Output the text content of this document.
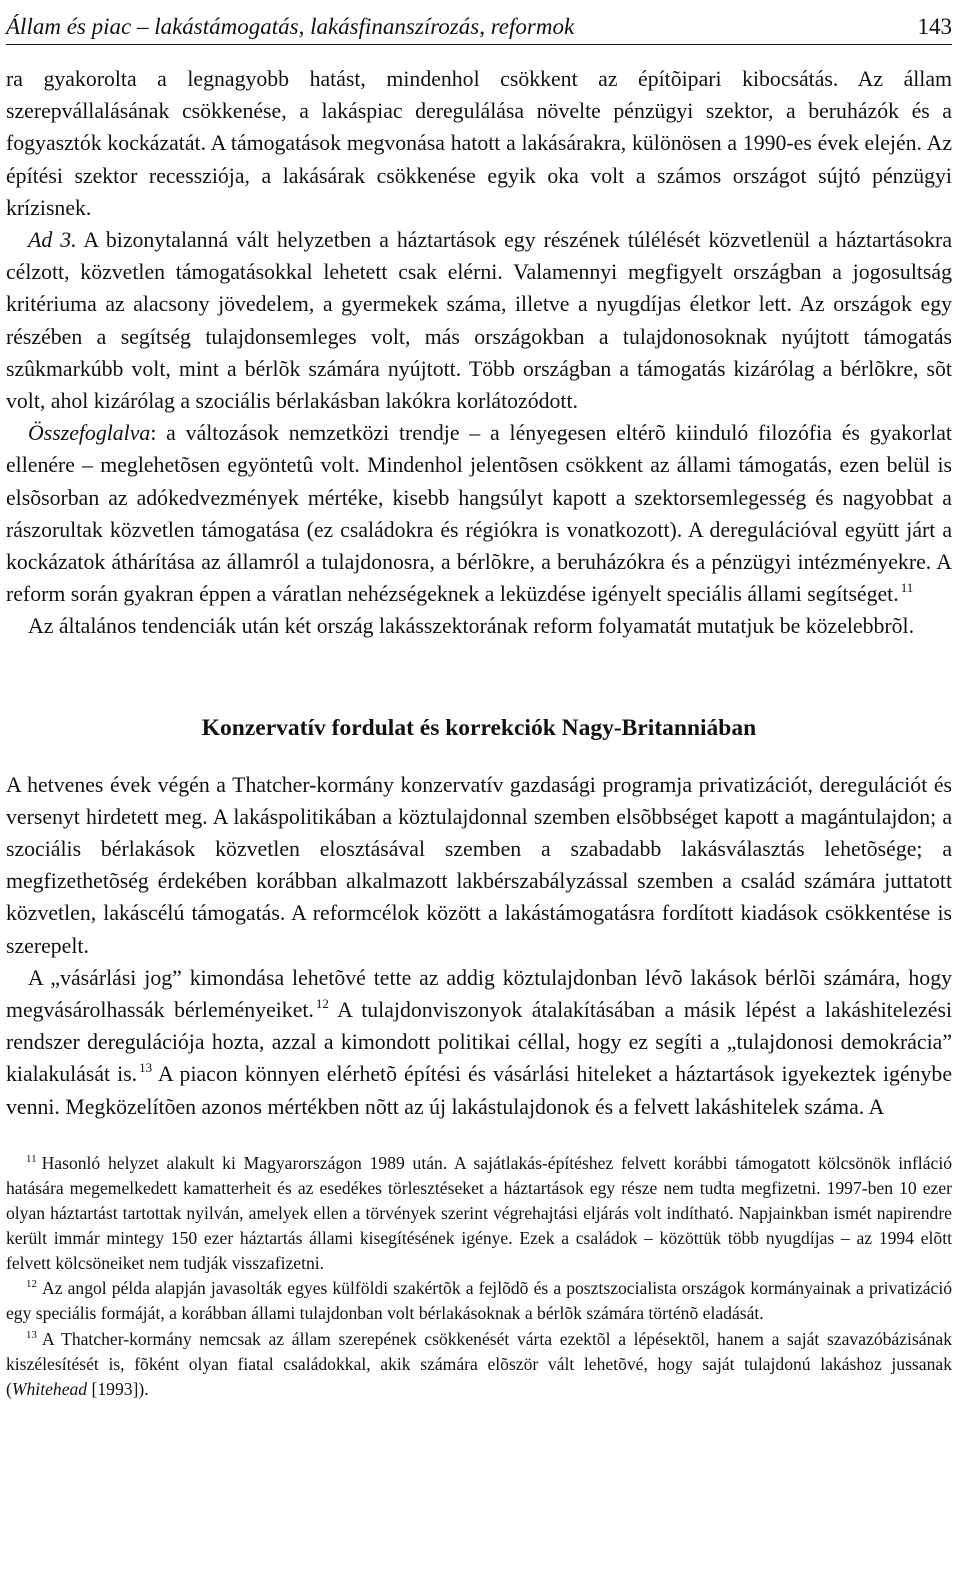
Állam és piac – lakástámogatás, lakásfinanszírozás, reformok	143

ra gyakorolta a legnagyobb hatást, mindenhol csökkent az építõipari kibocsátás. Az állam szerepvállalásának csökkenése, a lakáspiac deregulálása növelte pénzügyi szektor, a beruházók és a fogyasztók kockázatát. A támogatások megvonása hatott a lakásárakra, különösen a 1990-es évek elején. Az építési szektor recessziója, a lakásárak csökkenése egyik oka volt a számos országot sújtó pénzügyi krízisnek.

Ad 3. A bizonytalanná vált helyzetben a háztartások egy részének túlélését közvetlenül a háztartásokra célzott, közvetlen támogatásokkal lehetett csak elérni. Valamennyi megfigyelt országban a jogosultság kritériuma az alacsony jövedelem, a gyermekek száma, illetve a nyugdíjas életkor lett. Az országok egy részében a segítség tulajdonsemleges volt, más országokban a tulajdonosoknak nyújtott támogatás szûkmarkúbb volt, mint a bérlõk számára nyújtott. Több országban a támogatás kizárólag a bérlõkre, sõt volt, ahol kizárólag a szociális bérlakásban lakókra korlátozódott.

Összefoglalva: a változások nemzetközi trendje – a lényegesen eltérõ kiinduló filozófia és gyakorlat ellenére – meglehetõsen egyöntetû volt. Mindenhol jelentõsen csökkent az állami támogatás, ezen belül is elsõsorban az adókedvezmények mértéke, kisebb hangsúlyt kapott a szektorsemlegesség és nagyobbat a rászorultak közvetlen támogatása (ez családokra és régiókra is vonatkozott). A deregulációval együtt járt a kockázatok áthárítása az államról a tulajdonosra, a bérlõkre, a beruházókra és a pénzügyi intézményekre. A reform során gyakran éppen a váratlan nehézségeknek a leküzdése igényelt speciális állami segítséget. $^{11}$

Az általános tendenciák után két ország lakásszektorának reform folyamatát mutatjuk be közelebbrõl.

Konzervatív fordulat és korrekciók Nagy-Britanniában

A hetvenes évek végén a Thatcher-kormány konzervatív gazdasági programja privatizációt, deregulációt és versenyt hirdetett meg. A lakáspolitikában a köztulajdonnal szemben elsõbbséget kapott a magántulajdon; a szociális bérlakások közvetlen elosztásával szemben a szabadabb lakásválasztás lehetõsége; a megfizethetõség érdekében korábban alkalmazott lakbérszabályzással szemben a család számára juttatott közvetlen, lakáscélú támogatás. A reformcélok között a lakástámogatásra fordított kiadások csökkentése is szerepelt.

A „vásárlási jog” kimondása lehetõvé tette az addig köztulajdonban lévõ lakások bérlõi számára, hogy megvásárolhassák bérleményeiket. $^{12}$ A tulajdonviszonyok átalakításában a másik lépést a lakáshitelezési rendszer deregulációja hozta, azzal a kimondott politikai céllal, hogy ez segíti a „tulajdonosi demokrácia” kialakulását is. $^{13}$ A piacon könnyen elérhetõ építési és vásárlási hiteleket a háztartások igyekeztek igénybe venni. Megközelítõen azonos mértékben nõtt az új lakástulajdonok és a felvett lakáshitelek száma. A

$^{11}$ Hasonló helyzet alakult ki Magyarországon 1989 után. A sajátlakás-építéshez felvett korábbi támogatott kölcsönök infláció hatására megemelkedett kamatterheit és az esedékes törlesztéseket a háztartások egy része nem tudta megfizetni. 1997-ben 10 ezer olyan háztartást tartottak nyilván, amelyek ellen a törvények szerint végrehajtási eljárás volt indítható. Napjainkban ismét napirendre került immár mintegy 150 ezer háztartás állami kisegítésének igénye. Ezek a családok – közöttük több nyugdíjas – az 1994 elõtt felvett kölcsöneiket nem tudják visszafizetni.

$^{12}$ Az angol példa alapján javasolták egyes külföldi szakértõk a fejlõdõ és a posztszocialista országok kormányainak a privatizáció egy speciális formáját, a korábban állami tulajdonban volt bérlakásoknak a bérlõk számára történõ eladását.

$^{13}$ A Thatcher-kormány nemcsak az állam szerepének csökkenését várta ezektõl a lépésektõl, hanem a saját szavazóbázisának kiszélesítését is, fõként olyan fiatal családokkal, akik számára elõször vált lehetõvé, hogy saját tulajdonú lakáshoz jussanak (Whitehead [1993]).
